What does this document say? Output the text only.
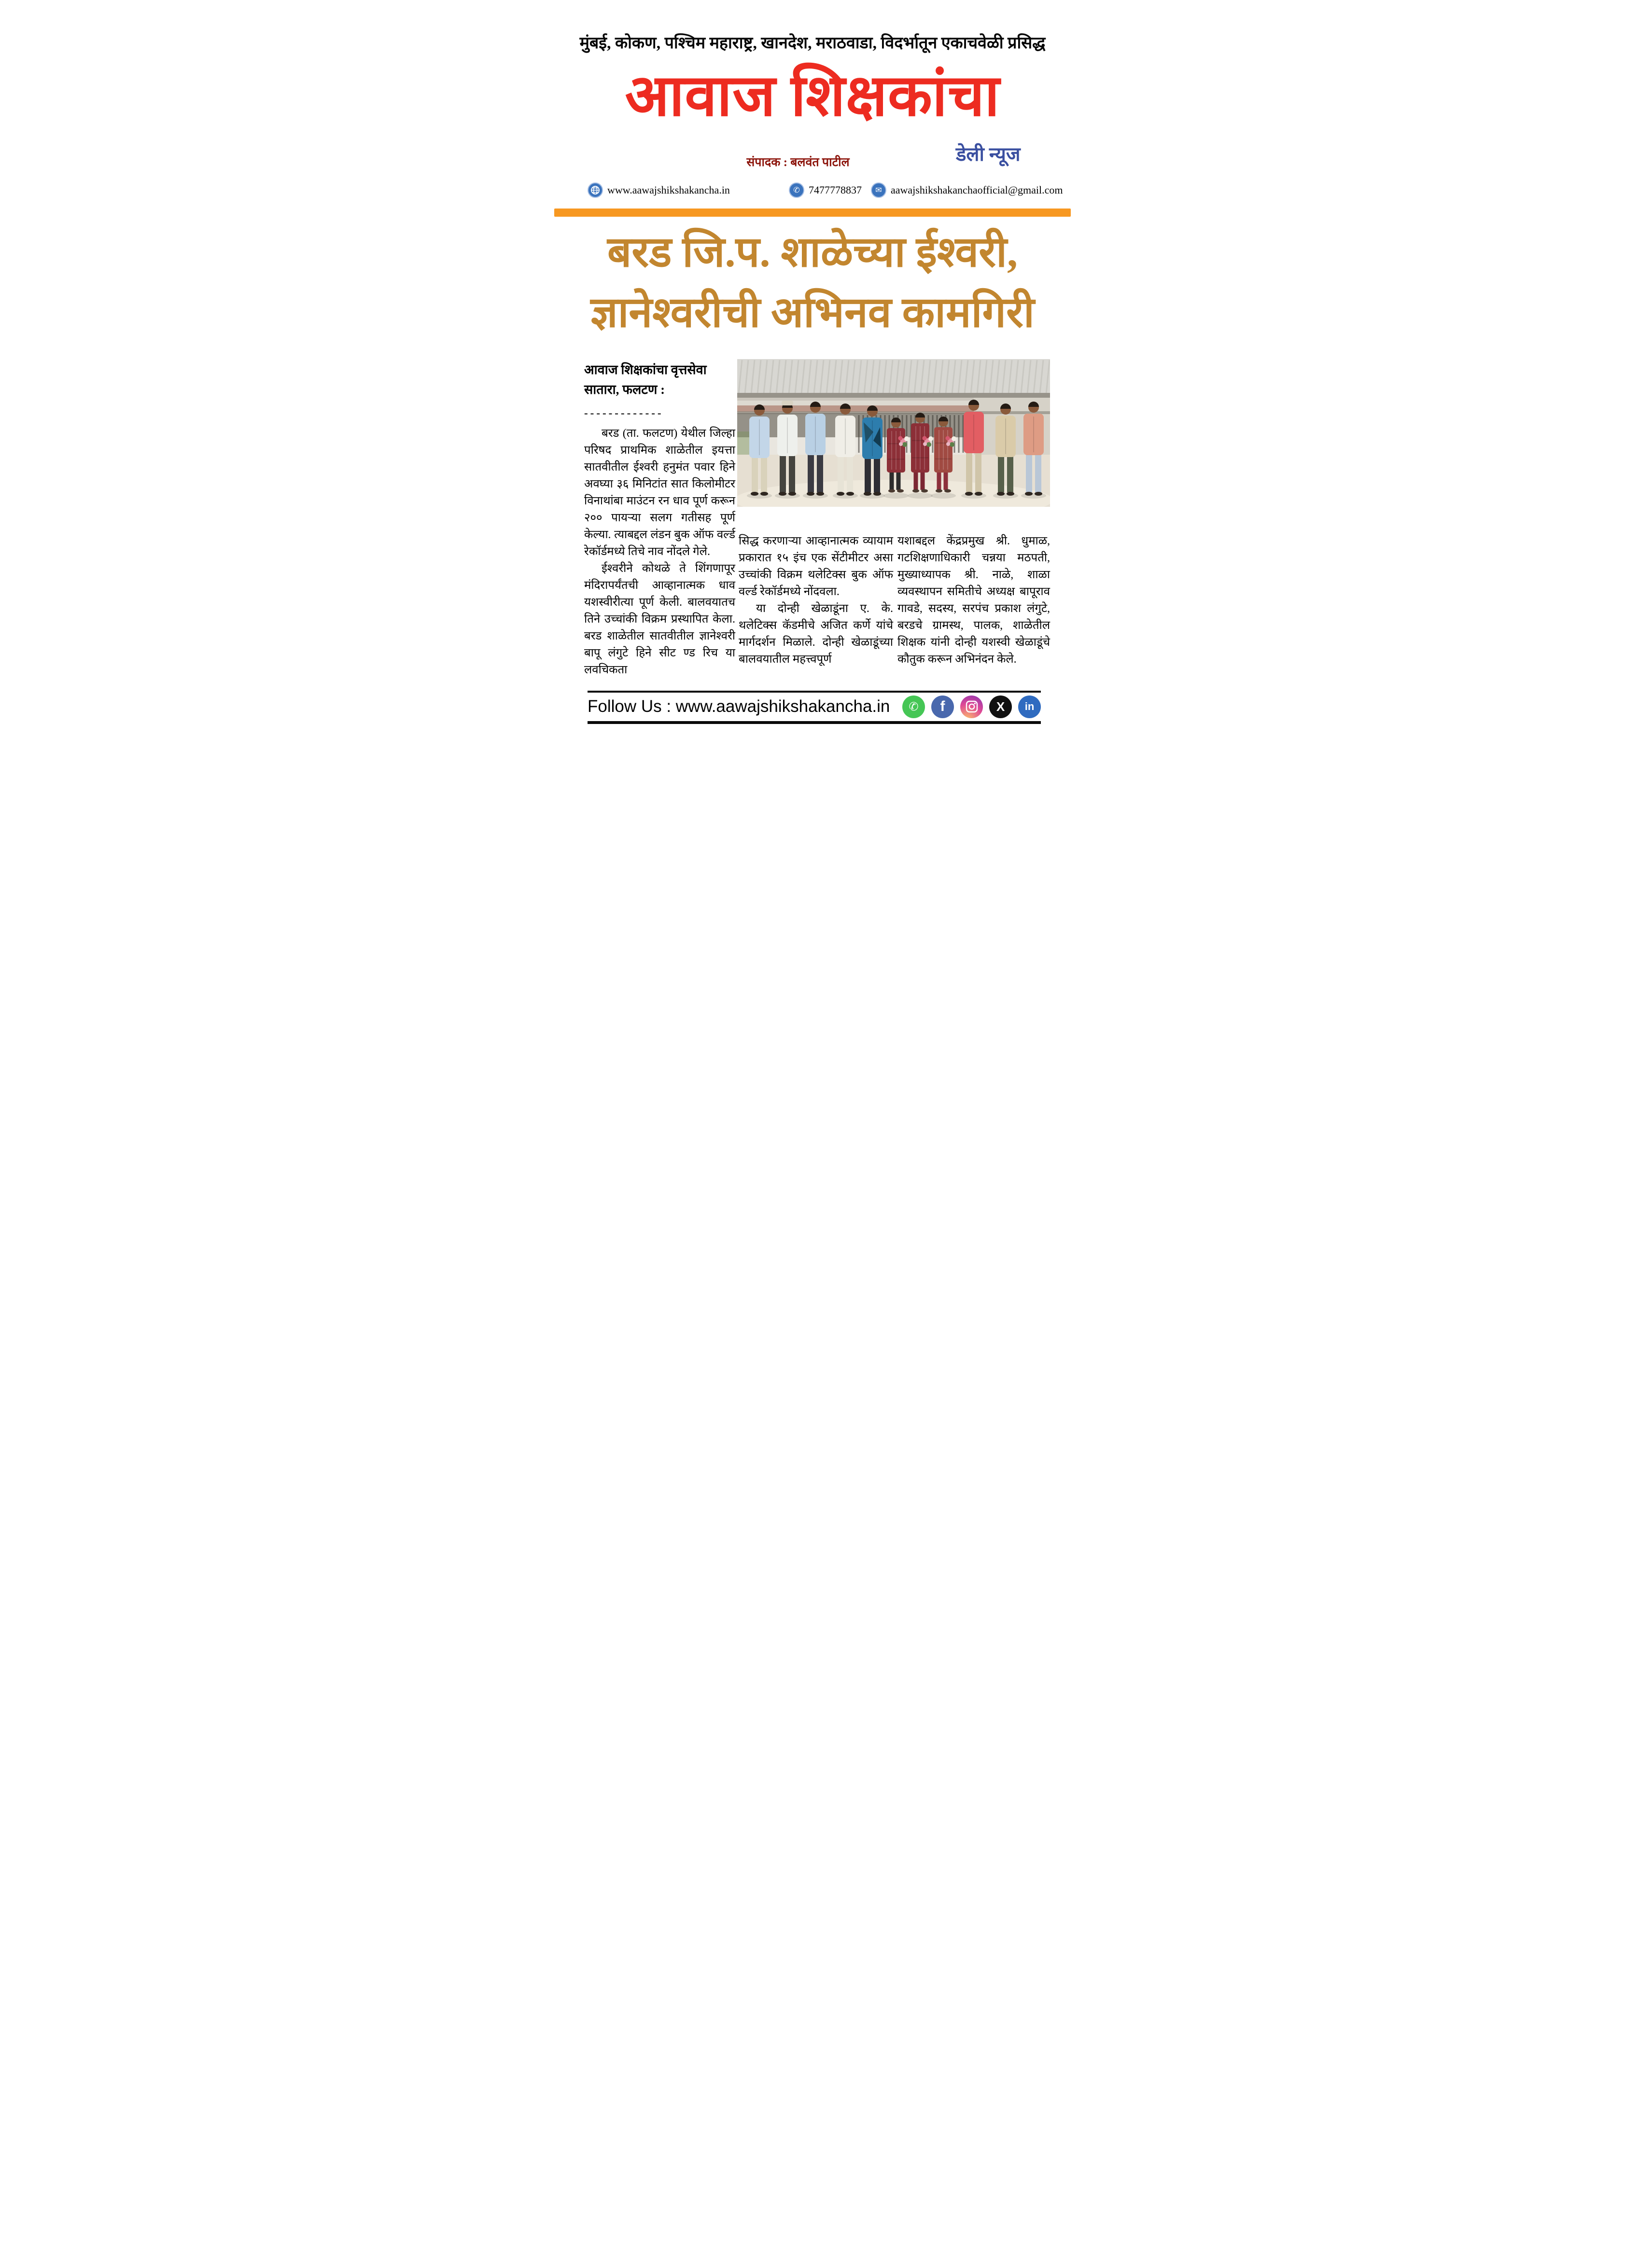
मुंबई, कोकण, पश्चिम महाराष्ट्र, खानदेश, मराठवाडा, विदर्भातून एकाचवेळी प्रसिद्ध
आवाज शिक्षकांचा
संपादक : बलवंत पाटील	डेली न्यूज
www.aawajshikshakancha.in	✆ 7477778837	✉ aawajshikshakanchaofficial@gmail.com
बरड जि.प. शाळेच्या ईश्वरी,
ज्ञानेश्वरीची अभिनव कामगिरी
आवाज शिक्षकांचा वृत्तसेवा
सातारा, फलटण :
-------------

बरड (ता. फलटण) येथील जिल्हा परिषद प्राथमिक शाळेतील इयत्ता सातवीतील ईश्वरी हनुमंत पवार हिने अवघ्या ३६ मिनिटांत सात किलोमीटर विनाथांबा माउंटन रन धाव पूर्ण करून २०० पायऱ्या सलग गतीसह पूर्ण केल्या. त्याबद्दल लंडन बुक ऑफ वर्ल्ड रेकॉर्डमध्ये तिचे नाव नोंदले गेले.

ईश्वरीने कोथळे ते शिंगणापूर मंदिरापर्यंतची आव्हानात्मक धाव यशस्वीरीत्या पूर्ण केली. बालवयातच तिने उच्चांकी विक्रम प्रस्थापित केला. बरड शाळेतील सातवीतील ज्ञानेश्वरी बापू लंगुटे हिने सीट ण्ड रिच या लवचिकता

सिद्ध करणाऱ्या आव्हानात्मक व्यायाम प्रकारात १५ इंच एक सेंटीमीटर असा उच्चांकी विक्रम थलेटिक्स बुक ऑफ वर्ल्ड रेकॉर्डमध्ये नोंदवला.

या दोन्ही खेळाडूंना ए. के. थलेटिक्स कॅडमीचे अजित कर्णे यांचे मार्गदर्शन मिळाले. दोन्ही खेळाडूंच्या बालवयातील महत्त्वपूर्ण

यशाबद्दल केंद्रप्रमुख श्री. धुमाळ, गटशिक्षणाधिकारी चन्नया मठपती, मुख्याध्यापक श्री. नाळे, शाळा व्यवस्थापन समितीचे अध्यक्ष बापूराव गावडे, सदस्य, सरपंच प्रकाश लंगुटे, बरडचे ग्रामस्थ, पालक, शाळेतील शिक्षक यांनी दोन्ही यशस्वी खेळाडूंचे कौतुक करून अभिनंदन केले.

Follow Us : www.aawajshikshakancha.in	✆	f	X	in
